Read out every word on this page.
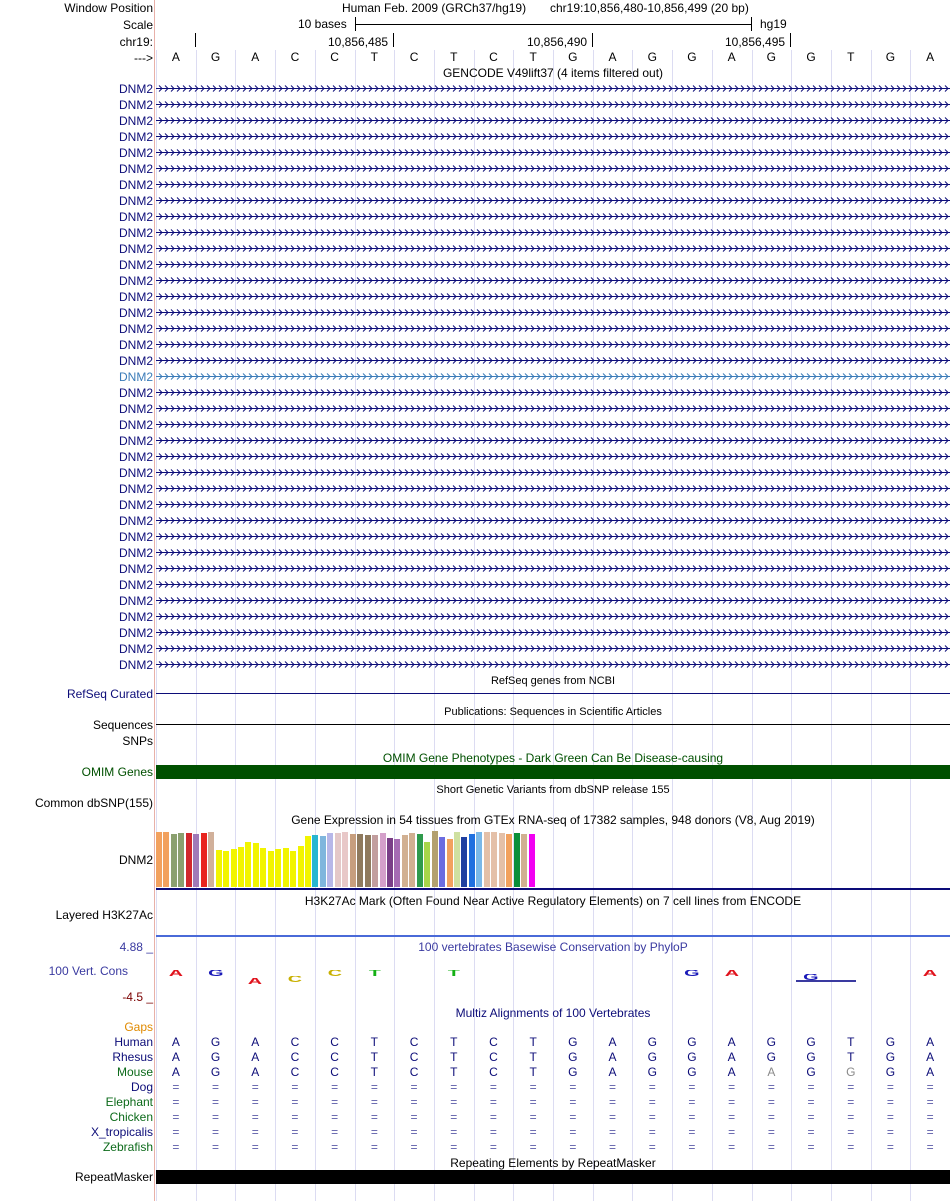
Window Position	Human Feb. 2009 (GRCh37/hg19) chr19:10,856,480-10,856,499 (20 bp)
Scale	10 bases	hg19
chr19:	10,856,485	10,856,490	10,856,495
--->	A	G	A	C	C	T	C	T	C	T	G	A	G	G	A	G	G	T	G	A
GENCODE V49lift37 (4 items filtered out)
DNM2
DNM2
DNM2
DNM2
DNM2
DNM2
DNM2
DNM2
DNM2
DNM2
DNM2
DNM2
DNM2
DNM2
DNM2
DNM2
DNM2
DNM2
DNM2
DNM2
DNM2
DNM2
DNM2
DNM2
DNM2
DNM2
DNM2
DNM2
DNM2
DNM2
DNM2
DNM2
DNM2
DNM2
DNM2
DNM2
DNM2
RefSeq genes from NCBI
RefSeq Curated
Publications: Sequences in Scientific Articles
Sequences
SNPs
OMIM Gene Phenotypes - Dark Green Can Be Disease-causing
OMIM Genes
Short Genetic Variants from dbSNP release 155
Common dbSNP(155)
Gene Expression in 54 tissues from GTEx RNA-seq of 17382 samples, 948 donors (V8, Aug 2019)
DNM2
H3K27Ac Mark (Often Found Near Active Regulatory Elements) on 7 cell lines from ENCODE
Layered H3K27Ac
100 vertebrates Basewise Conservation by PhyloP
4.88 _
100 Vert. Cons
-4.5 _
A	G
A	C
C	T	T	G	A	G	A
Multiz Alignments of 100 Vertebrates
Gaps
Human	A	G	A	C	C	T	C	T	C	T	G	A	G	G	A	G	G	T	G	A
Rhesus	A	G	A	C	C	T	C	T	C	T	G	A	G	G	A	G	G	T	G	A
Mouse	A	G	A	C	C	T	C	T	C	T	G	A	G	G	A	A	G	G	G	A
Dog	=	=	=	=	=	=	=	=	=	=	=	=	=	=	=	=	=	=	=	=
Elephant	=	=	=	=	=	=	=	=	=	=	=	=	=	=	=	=	=	=	=	=
Chicken	=	=	=	=	=	=	=	=	=	=	=	=	=	=	=	=	=	=	=	=
X_tropicalis	=	=	=	=	=	=	=	=	=	=	=	=	=	=	=	=	=	=	=	=
Zebrafish	=	=	=	=	=	=	=	=	=	=	=	=	=	=	=	=	=	=	=	=
Repeating Elements by RepeatMasker
RepeatMasker
